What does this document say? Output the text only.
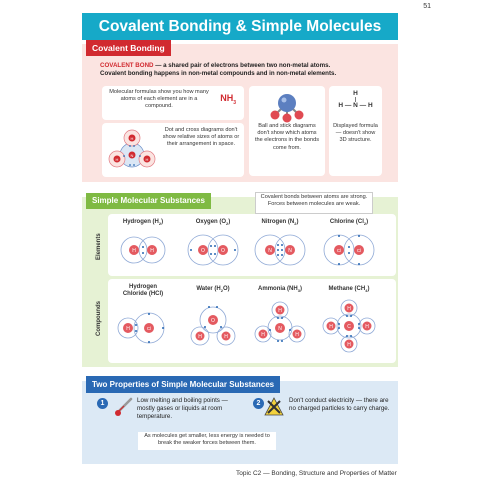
51
Covalent Bonding & Simple Molecules
Covalent Bonding
COVALENT BOND — a shared pair of electrons between two non-metal atoms.
Covalent bonding happens in non-metal compounds and in non-metal elements.
Molecular formulas show you how many atoms of each element are in a compound.
$NH_3$
H
H
N
H
Dot and cross diagrams don't show relative sizes of atoms or their arrangement in space.
Ball and stick diagrams don't show which atoms the electrons in the bonds come from.
H
|
H — N — H
Displayed formula — doesn't show 3D structure.
Simple Molecular Substances	Covalent bonds between atoms are strong. Forces between molecules are weak.
Elements
Hydrogen $(H_2)$	Oxygen $(O_2)$	Nitrogen $(N_2)$	Chlorine $(Cl_2)$
H	H	O	O	N	N	Cl	Cl
Compounds
Hydrogen
Chloride (HCl)
Water $(H_2O)$	Ammonia $(NH_3)$	Methane $(CH_4)$
H	Cl
O
H	H
H
N
H	H
H
H	C	H
H
Two Properties of Simple Molecular Substances
1	Low melting and boiling points — mostly gases or liquids at room temperature.
2	Don't conduct electricity — there are no charged particles to carry charge.
As molecules get smaller, less energy is needed to break the weaker forces between them.
Topic C2 — Bonding, Structure and Properties of Matter
